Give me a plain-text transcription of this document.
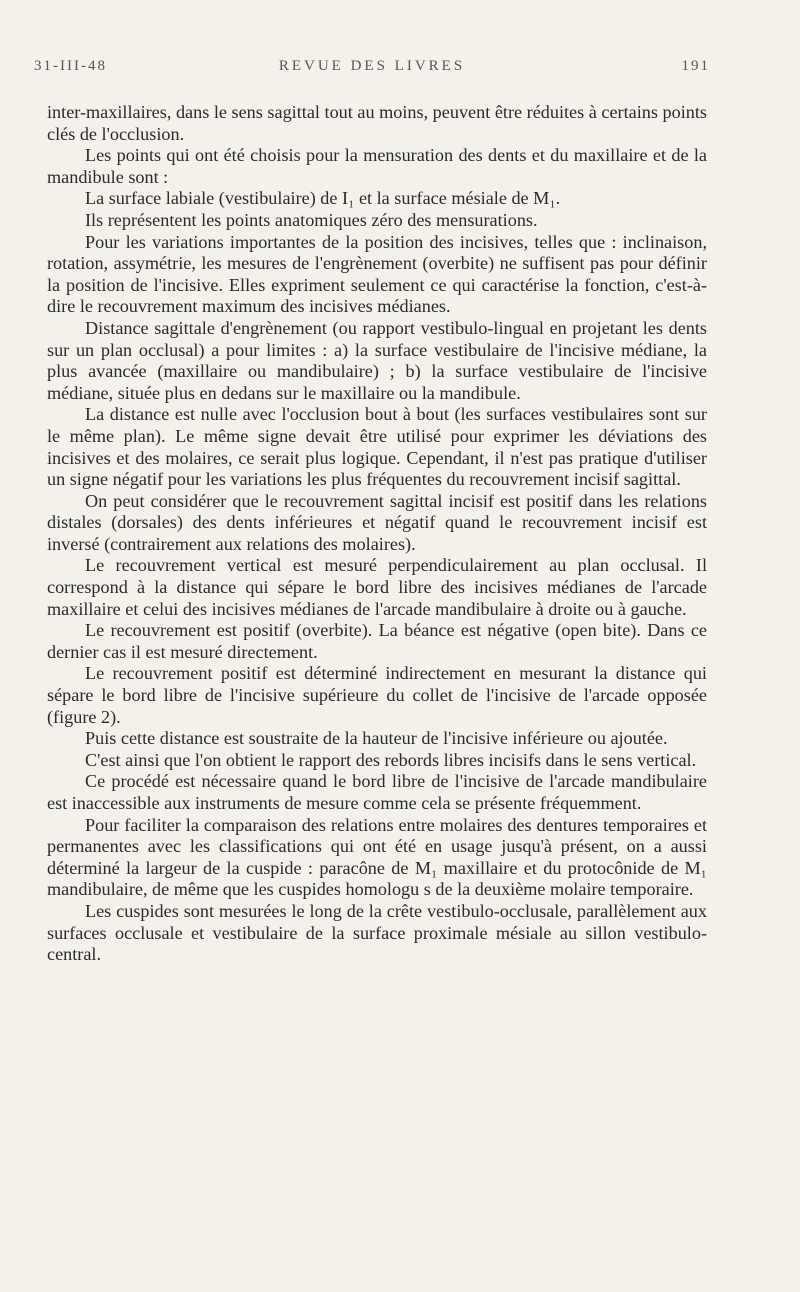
31-III-48	REVUE DES LIVRES	191

inter-maxillaires, dans le sens sagittal tout au moins, peuvent être réduites à certains points clés de l'occlusion.

Les points qui ont été choisis pour la mensuration des dents et du maxillaire et de la mandibule sont :

La surface labiale (vestibulaire) de I₁ et la surface mésiale de M₁.

Ils représentent les points anatomiques zéro des mensurations.

Pour les variations importantes de la position des incisives, telles que : inclinaison, rotation, assymétrie, les mesures de l'engrènement (overbite) ne suffisent pas pour définir la position de l'incisive. Elles expriment seulement ce qui caractérise la fonction, c'est-à-dire le recouvrement maximum des incisives médianes.

Distance sagittale d'engrènement (ou rapport vestibulo-lingual en projetant les dents sur un plan occlusal) a pour limites : a) la surface vestibulaire de l'incisive médiane, la plus avancée (maxillaire ou mandibulaire) ; b) la surface vestibulaire de l'incisive médiane, située plus en dedans sur le maxillaire ou la mandibule.

La distance est nulle avec l'occlusion bout à bout (les surfaces vestibulaires sont sur le même plan). Le même signe devait être utilisé pour exprimer les déviations des incisives et des molaires, ce serait plus logique. Cependant, il n'est pas pratique d'utiliser un signe négatif pour les variations les plus fréquentes du recouvrement incisif sagittal.

On peut considérer que le recouvrement sagittal incisif est positif dans les relations distales (dorsales) des dents inférieures et négatif quand le recouvrement incisif est inversé (contrairement aux relations des molaires).

Le recouvrement vertical est mesuré perpendiculairement au plan occlusal. Il correspond à la distance qui sépare le bord libre des incisives médianes de l'arcade maxillaire et celui des incisives médianes de l'arcade mandibulaire à droite ou à gauche.

Le recouvrement est positif (overbite). La béance est négative (open bite). Dans ce dernier cas il est mesuré directement.

Le recouvrement positif est déterminé indirectement en mesurant la distance qui sépare le bord libre de l'incisive supérieure du collet de l'incisive de l'arcade opposée (figure 2).

Puis cette distance est soustraite de la hauteur de l'incisive inférieure ou ajoutée.

C'est ainsi que l'on obtient le rapport des rebords libres incisifs dans le sens vertical.

Ce procédé est nécessaire quand le bord libre de l'incisive de l'arcade mandibulaire est inaccessible aux instruments de mesure comme cela se présente fréquemment.

Pour faciliter la comparaison des relations entre molaires des dentures temporaires et permanentes avec les classifications qui ont été en usage jusqu'à présent, on a aussi déterminé la largeur de la cuspide : paracône de M₁ maxillaire et du protocônide de M₁ mandibulaire, de même que les cuspides homologu s de la deuxième molaire temporaire.

Les cuspides sont mesurées le long de la crête vestibulo-occlusale, parallèlement aux surfaces occlusale et vestibulaire de la surface proximale mésiale au sillon vestibulo-central.
